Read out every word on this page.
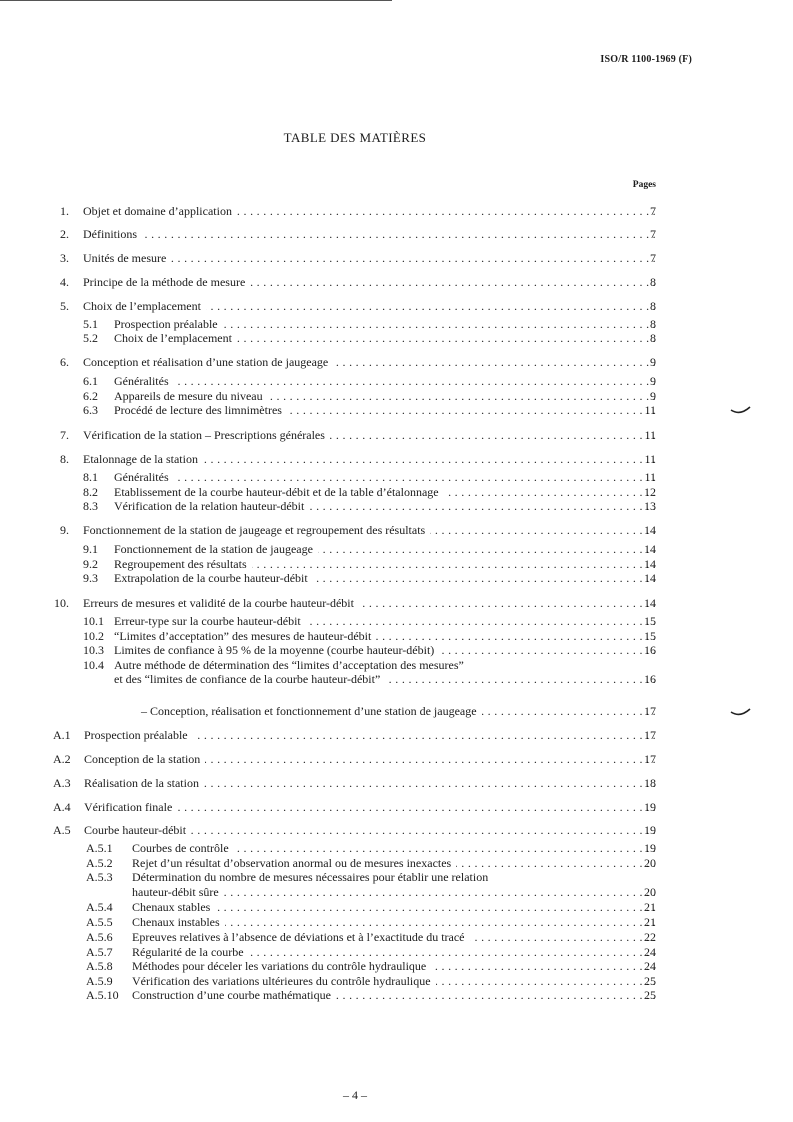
ISO/R 1100-1969 (F)
TABLE DES MATIÈRES
Pages
1. Objet et domaine d’application . .	7
2. Définitions . .	7
3. Unités de mesure . .	7
4. Principe de la méthode de mesure . .	8
5. Choix de l’emplacement . .	8
5.1 Prospection préalable . .	8
5.2 Choix de l’emplacement . .	8
6. Conception et réalisation d’une station de jaugeage . .	9
6.1 Généralités . .	9
6.2 Appareils de mesure du niveau . .	9
6.3 Procédé de lecture des limnimètres . .	11
7. Vérification de la station – Prescriptions générales . .	11
8. Etalonnage de la station . .	11
8.1 Généralités . .	11
8.2 Etablissement de la courbe hauteur-débit et de la table d’étalonnage . .	12
8.3 Vérification de la relation hauteur-débit . .	13
9. Fonctionnement de la station de jaugeage et regroupement des résultats . .	14
9.1 Fonctionnement de la station de jaugeage . .	14
9.2 Regroupement des résultats . .	14
9.3 Extrapolation de la courbe hauteur-débit . .	14
10. Erreurs de mesures et validité de la courbe hauteur-débit . .	14
10.1 Erreur-type sur la courbe hauteur-débit . .	15
10.2 “Limites d’acceptation” des mesures de hauteur-débit . .	15
10.3 Limites de confiance à 95 % de la moyenne (courbe hauteur-débit) . .	16
10.4 Autre méthode de détermination des “limites d’acceptation des mesures”
et des “limites de confiance de la courbe hauteur-débit” . .	16
– Conception, réalisation et fonctionnement d’une station de jaugeage . .	17
A.1 Prospection préalable . .	17
A.2 Conception de la station . .	17
A.3 Réalisation de la station . .	18
A.4 Vérification finale . .	19
A.5 Courbe hauteur-débit . .	19
A.5.1 Courbes de contrôle . .	19
A.5.2 Rejet d’un résultat d’observation anormal ou de mesures inexactes . .	20
A.5.3 Détermination du nombre de mesures nécessaires pour établir une relation
hauteur-débit sûre . .	20
A.5.4 Chenaux stables . .	21
A.5.5 Chenaux instables . .	21
A.5.6 Epreuves relatives à l’absence de déviations et à l’exactitude du tracé . .	22
A.5.7 Régularité de la courbe . .	24
A.5.8 Méthodes pour déceler les variations du contrôle hydraulique . .	24
A.5.9 Vérification des variations ultérieures du contrôle hydraulique . .	25
A.5.10 Construction d’une courbe mathématique . .	25
– 4 –
